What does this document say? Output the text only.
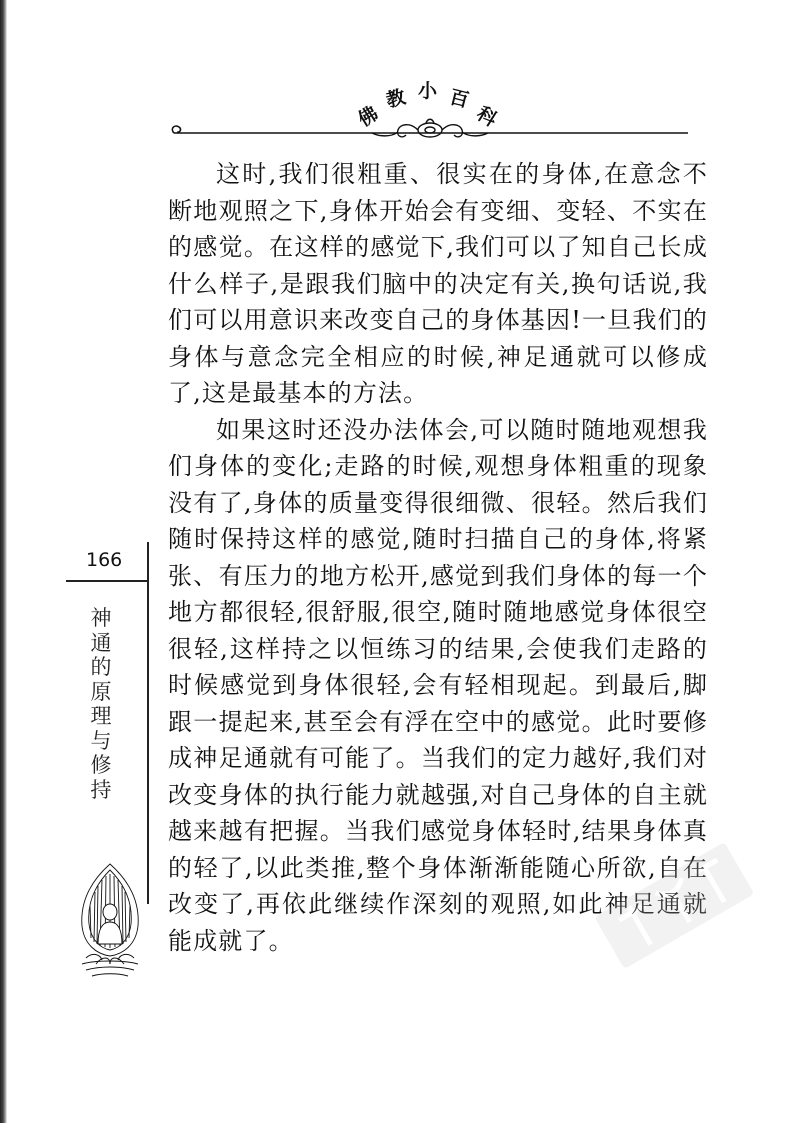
佛
教 小 百
科

这时,我们很粗重、很实在的身体,在意念不断地观照之下,身体开始会有变细、变轻、不实在的感觉。在这样的感觉下,我们可以了知自己长成什么样子,是跟我们脑中的决定有关,换句话说,我们可以用意识来改变自己的身体基因!一旦我们的身体与意念完全相应的时候,神足通就可以修成了,这是最基本的方法。

如果这时还没办法体会,可以随时随地观想我们身体的变化;走路的时候,观想身体粗重的现象没有了,身体的质量变得很细微、很轻。然后我们随时保持这样的感觉,随时扫描自己的身体,将紧张、有压力的地方松开,感觉到我们身体的每一个地方都很轻,很舒服,很空,随时随地感觉身体很空很轻,这样持之以恒练习的结果,会使我们走路的时候感觉到身体很轻,会有轻相现起。到最后,脚跟一提起来,甚至会有浮在空中的感觉。此时要修成神足通就有可能了。当我们的定力越好,我们对改变身体的执行能力就越强,对自己身体的自主就越来越有把握。当我们感觉身体轻时,结果身体真的轻了,以此类推,整个身体渐渐能随心所欲,自在改变了,再依此继续作深刻的观照,如此神足通就能成就了。

166
神
通
的
原
理
与
修
持
